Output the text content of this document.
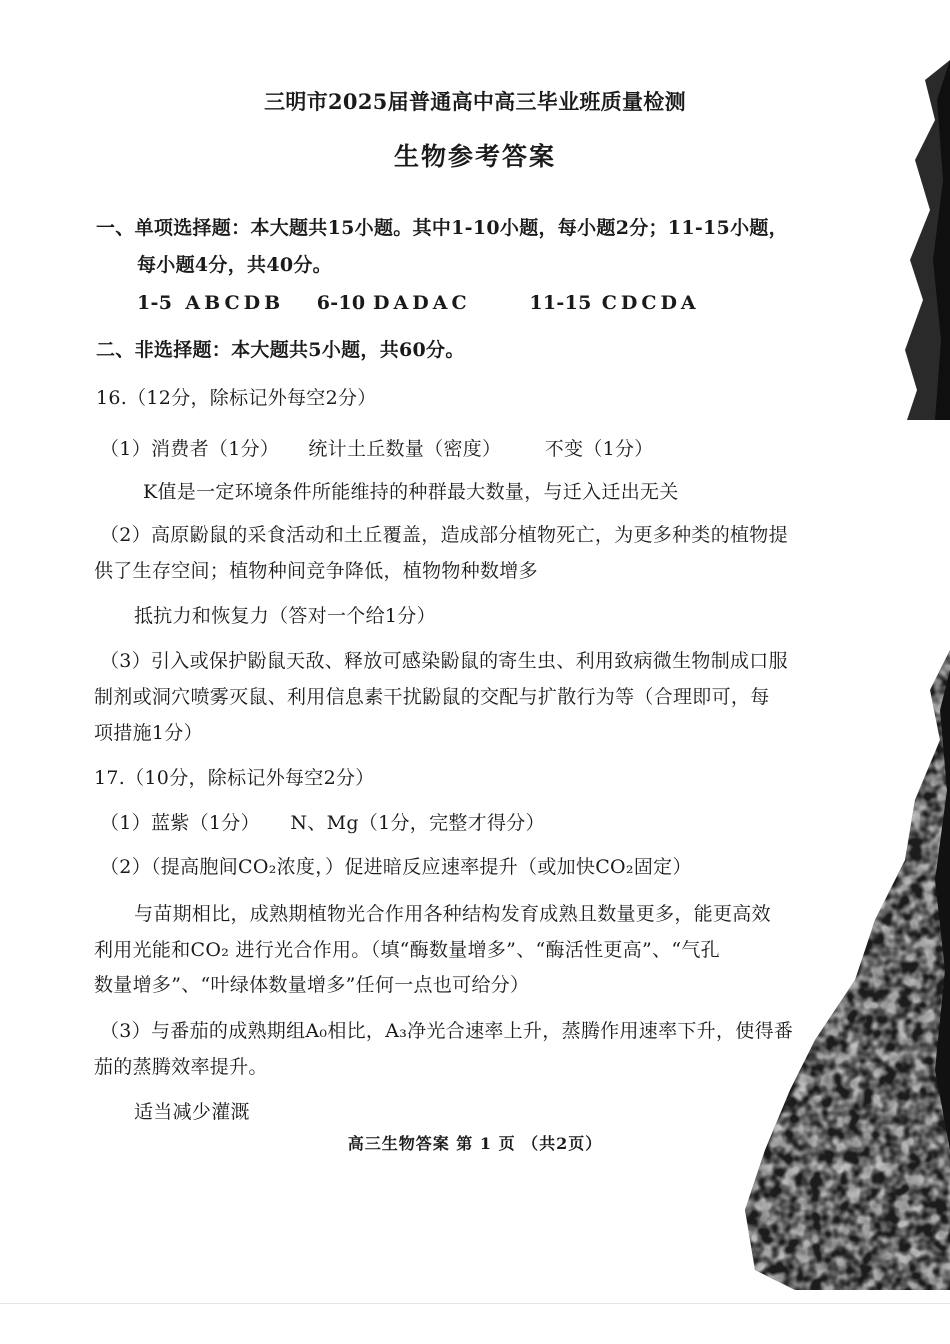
三明市2025届普通高中高三毕业班质量检测
生物参考答案
一、单项选择题：本大题共15小题。其中1-10小题，每小题2分；11-15小题，
每小题4分，共40分。
1-5 ABCDB 6-10 DADAC	11-15 CDCDA
二、非选择题：本大题共5小题，共60分。
16.（12分，除标记外每空2分）
（1）消费者（1分） 统计土丘数量（密度） 不变（1分）
K值是一定环境条件所能维持的种群最大数量，与迁入迁出无关
（2）高原鼢鼠的采食活动和土丘覆盖，造成部分植物死亡，为更多种类的植物提
供了生存空间；植物种间竞争降低，植物物种数增多
抵抗力和恢复力（答对一个给1分）
（3）引入或保护鼢鼠天敌、释放可感染鼢鼠的寄生虫、利用致病微生物制成口服
制剂或洞穴喷雾灭鼠、利用信息素干扰鼢鼠的交配与扩散行为等（合理即可，每
项措施1分）
17.（10分，除标记外每空2分）
（1）蓝紫（1分） N、Mg（1分，完整才得分）
（2）（提高胞间CO₂浓度，）促进暗反应速率提升（或加快CO₂固定）
与苗期相比，成熟期植物光合作用各种结构发育成熟且数量更多，能更高效
利用光能和CO₂ 进行光合作用。（填“酶数量增多”、“酶活性更高”、“气孔
数量增多”、“叶绿体数量增多”任何一点也可给分）
（3）与番茄的成熟期组A₀相比，A₃净光合速率上升，蒸腾作用速率下升，使得番
茄的蒸腾效率提升。
适当减少灌溉
高三生物答案 第 1 页 （共2页）
